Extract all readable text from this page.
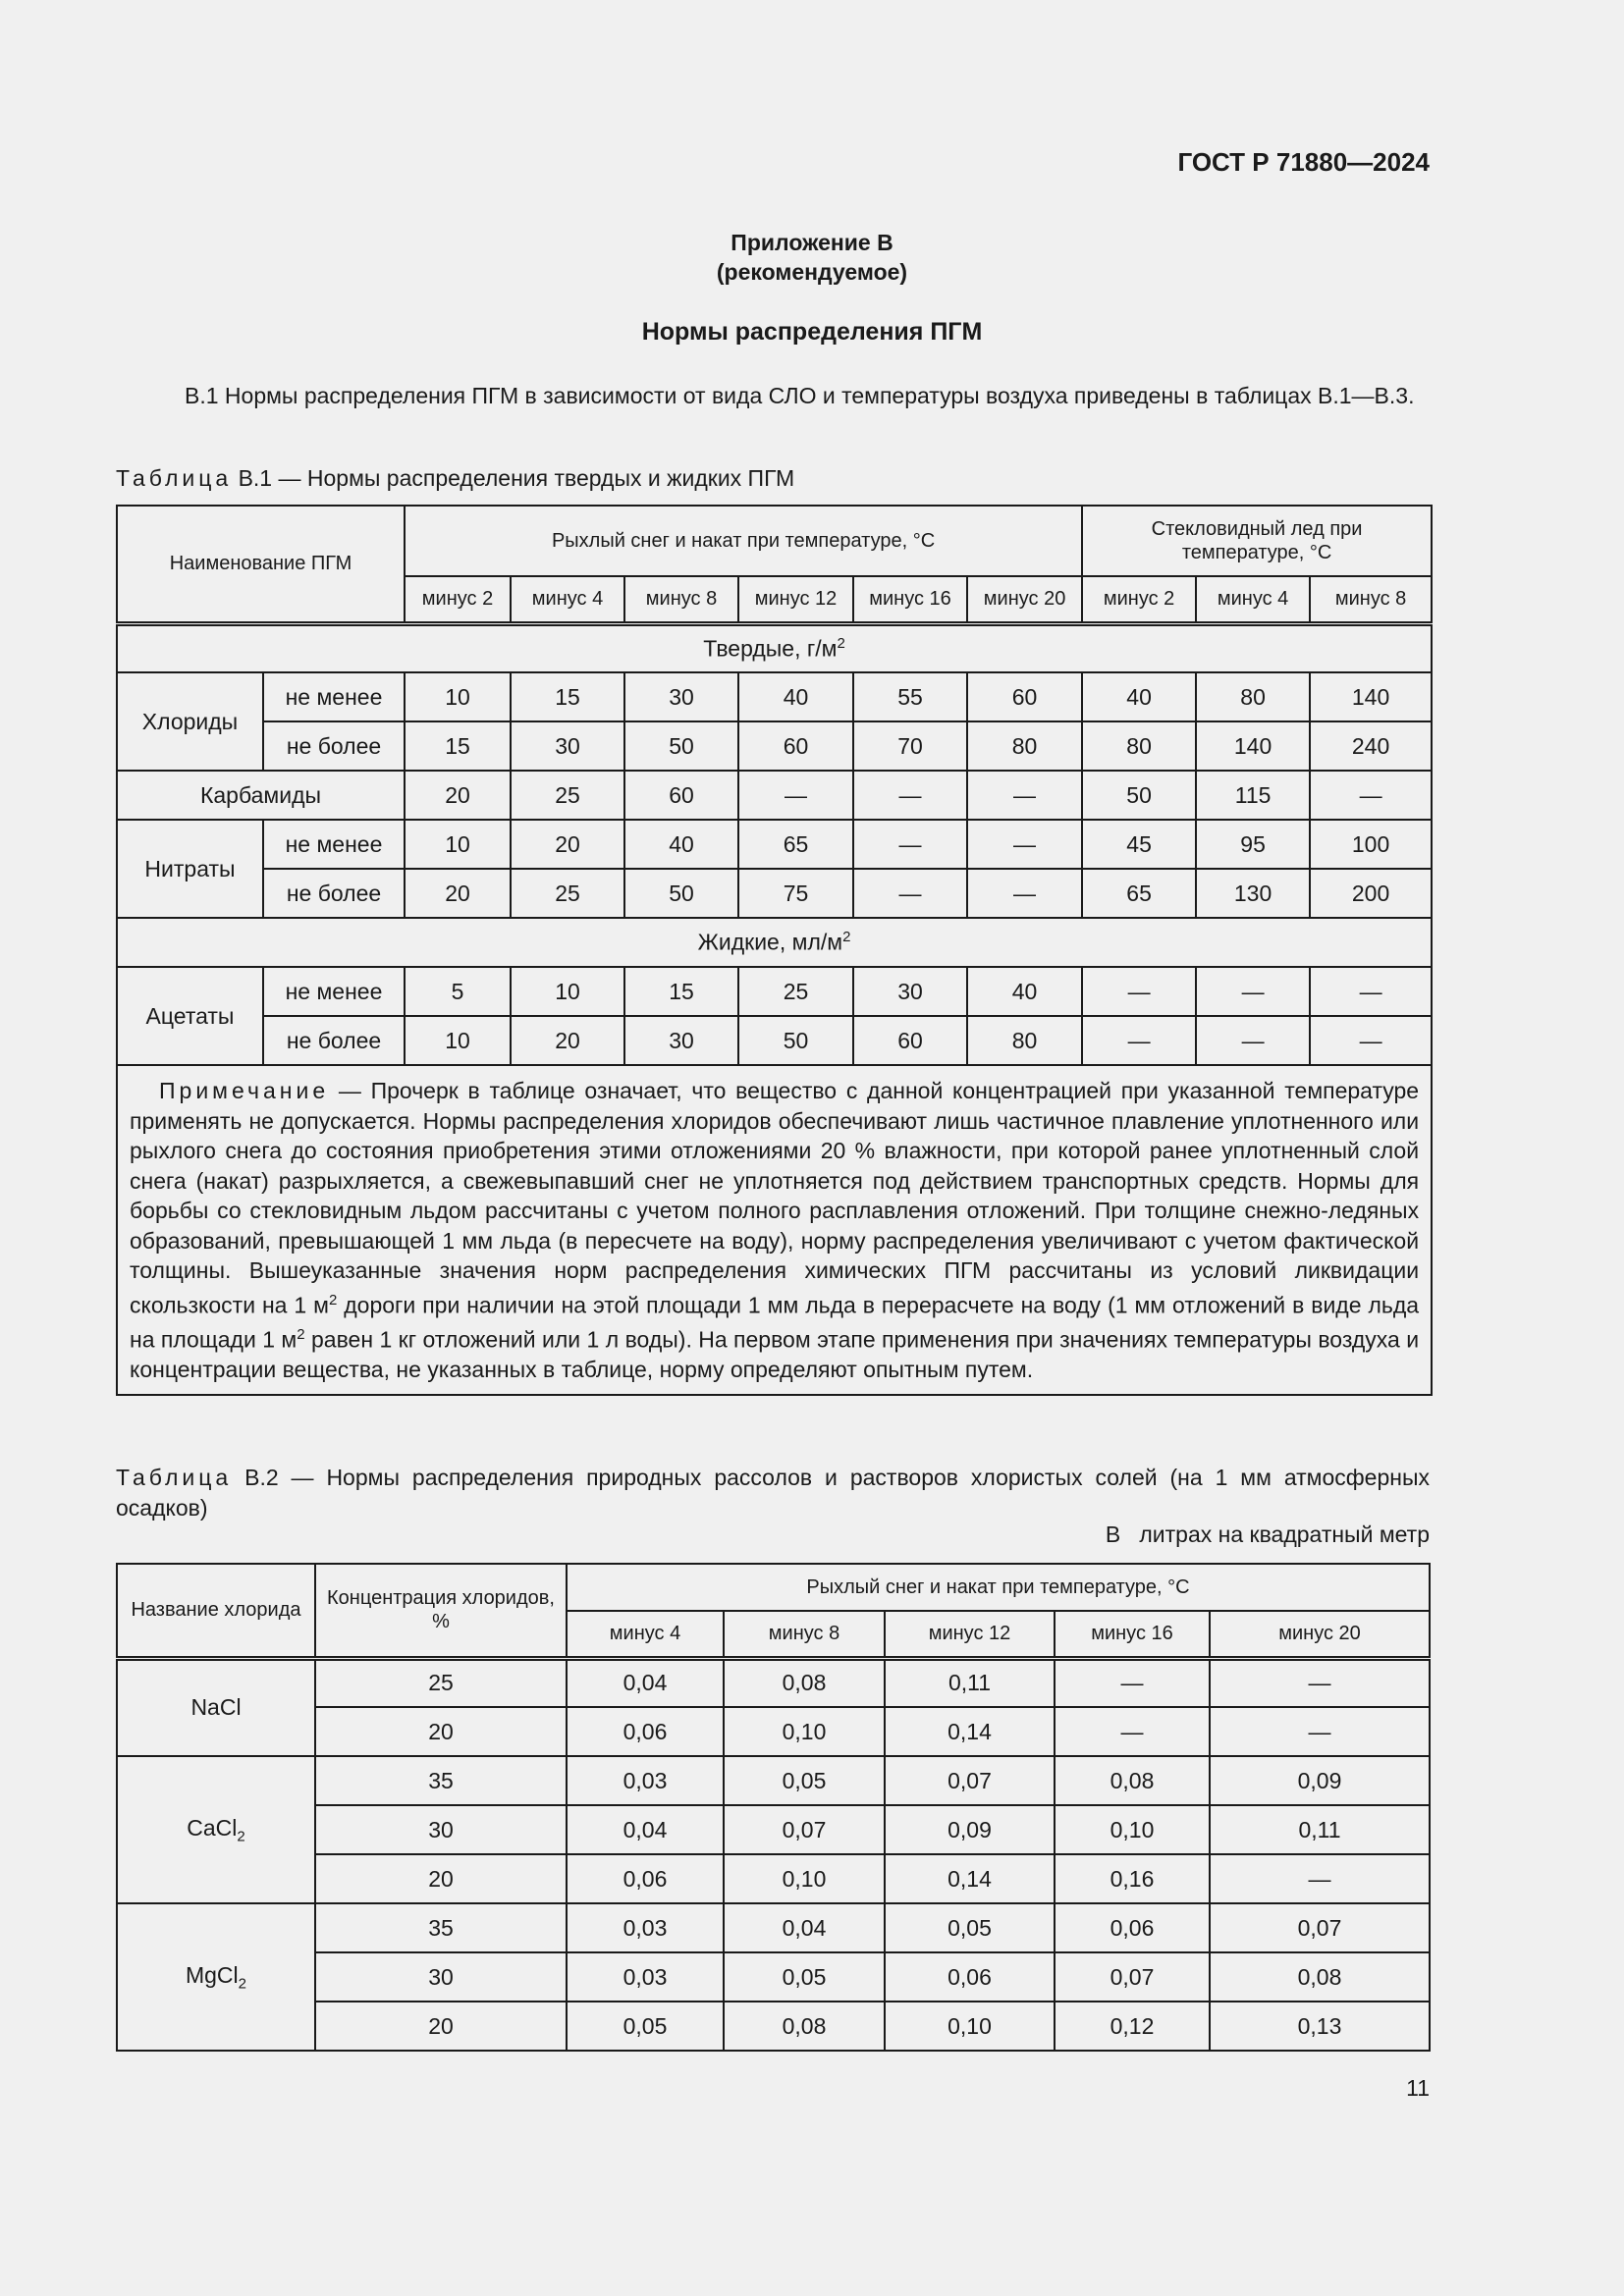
ГОСТ Р 71880—2024
Приложение В
(рекомендуемое)
Нормы распределения ПГМ
В.1 Нормы распределения ПГМ в зависимости от вида СЛО и температуры воздуха приведены в таблицах В.1—В.3.
Таблица В.1 — Нормы распределения твердых и жидких ПГМ
Наименование ПГМ		Рыхлый снег и накат при температуре, °С						Стекловидный лед при температуре, °С		
		минус 2	минус 4	минус 8	минус 12	минус 16	минус 20	минус 2	минус 4	минус 8
Твердые, $г/м^2$
Хлориды	не менее	10	15	30	40	55	60	40	80	140
	не более	15	30	50	60	70	80	80	140	240
Карбамиды		20	25	60	—	—	—	50	115	—
Нитраты	не менее	10	20	40	65	—	—	45	95	100
	не более	20	25	50	75	—	—	65	130	200
Жидкие, $мл/м^2$
Ацетаты	не менее	5	10	15	25	30	40	—	—	—
	не более	10	20	30	50	60	80	—	—	—
Примечание — Прочерк в таблице означает, что вещество с данной концентрацией при указанной температуре применять не допускается. Нормы распределения хлоридов обеспечивают лишь частичное плавление уплотненного или рыхлого снега до состояния приобретения этими отложениями 20 % влажности, при которой ранее уплотненный слой снега (накат) разрыхляется, а свежевыпавший снег не уплотняется под действием транспортных средств. Нормы для борьбы со стекловидным льдом рассчитаны с учетом полного расплавления отложений. При толщине снежно-ледяных образований, превышающей 1 мм льда (в пересчете на воду), норму распределения увеличивают с учетом фактической толщины. Вышеуказанные значения норм распределения химических ПГМ рассчитаны из условий ликвидации скользкости на 1 $м^2$ дороги при наличии на этой площади 1 мм льда в перерасчете на воду (1 мм отложений в виде льда на площади 1 $м^2$ равен 1 кг отложений или 1 л воды). На первом этапе применения при значениях температуры воздуха и концентрации вещества, не указанных в таблице, норму определяют опытным путем.										
Таблица В.2 — Нормы распределения природных рассолов и растворов хлористых солей (на 1 мм атмосферных осадков)
В   литрах на квадратный метр
Название хлорида	Концентрация хлоридов, %	Рыхлый снег и накат при температуре, °С				
		минус 4	минус 8	минус 12	минус 16	минус 20
NaCl	25	0,04	0,08	0,11	—	—
	20	0,06	0,10	0,14	—	—
CaCl$_2$	35	0,03	0,05	0,07	0,08	0,09
	30	0,04	0,07	0,09	0,10	0,11
	20	0,06	0,10	0,14	0,16	—
MgCl$_2$	35	0,03	0,04	0,05	0,06	0,07
	30	0,03	0,05	0,06	0,07	0,08
	20	0,05	0,08	0,10	0,12	0,13
11
